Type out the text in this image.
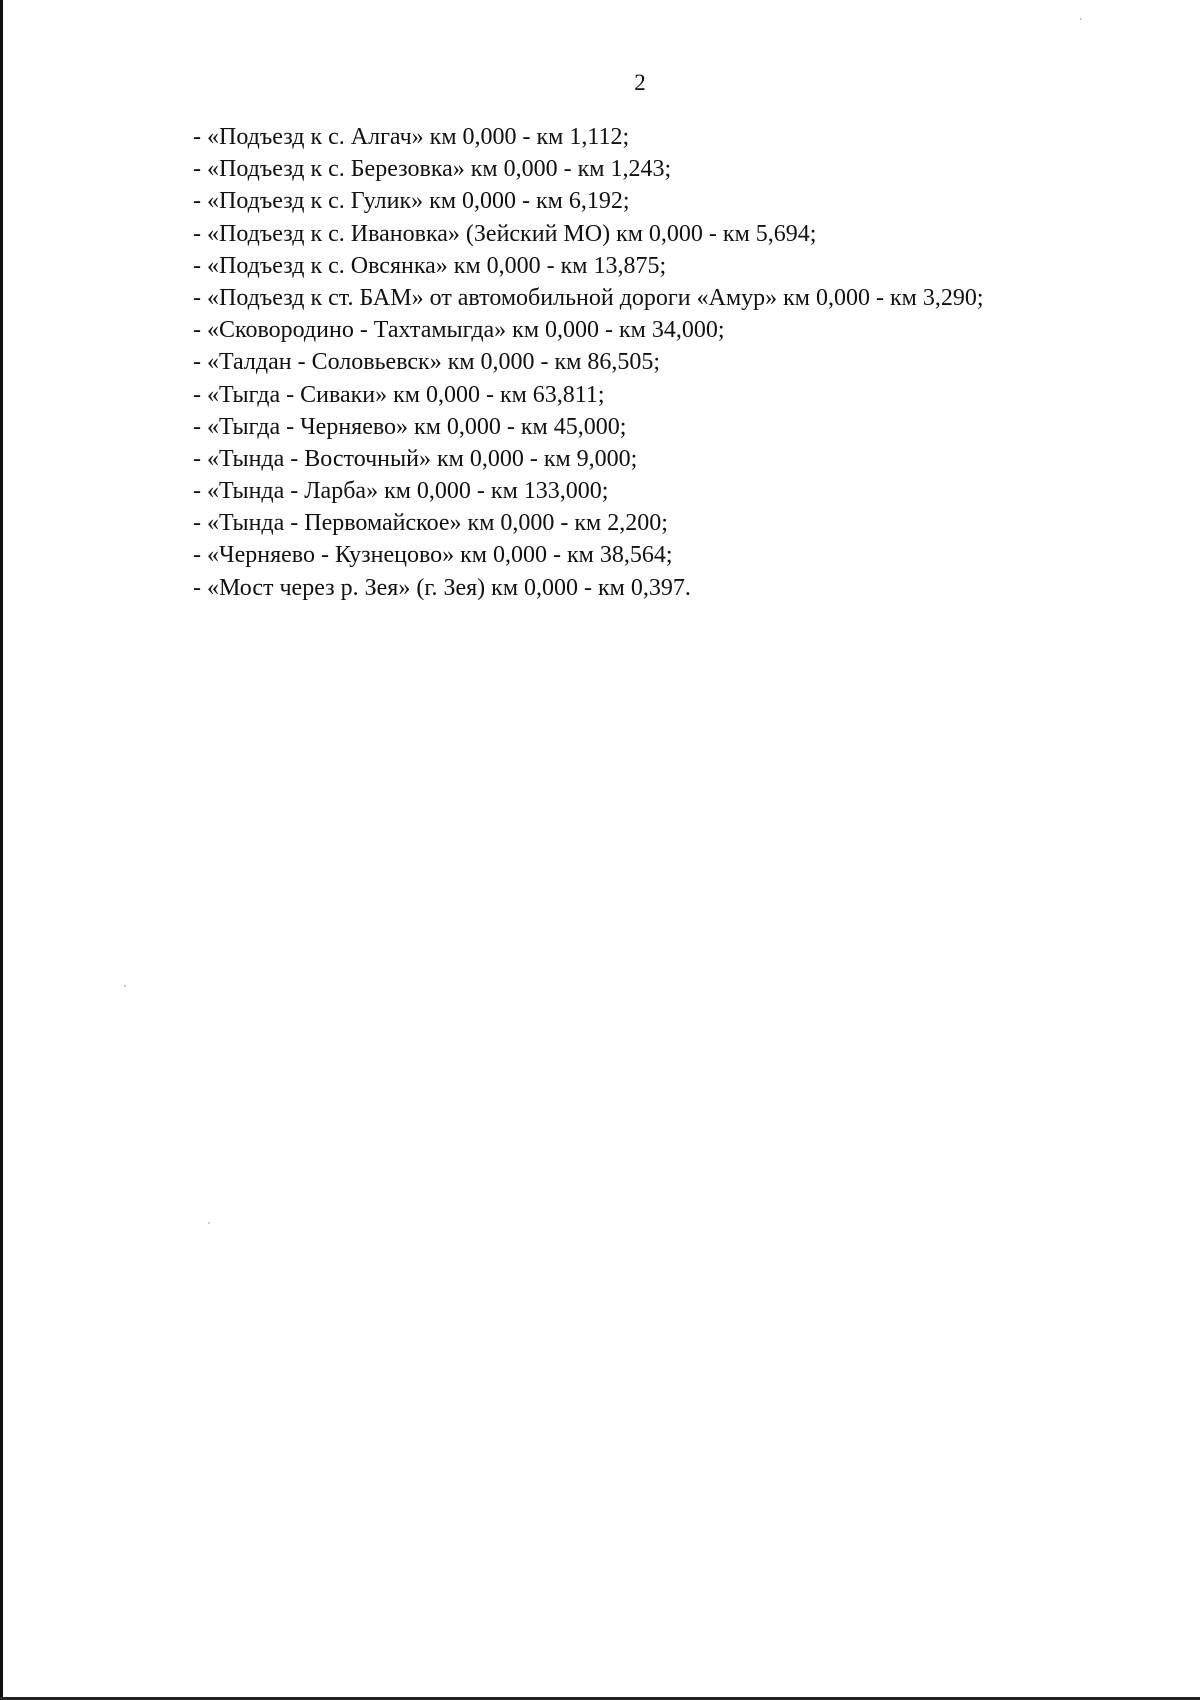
2
- «Подъезд к с. Алгач» км 0,000 - км 1,112;
- «Подъезд к с. Березовка» км 0,000 - км 1,243;
- «Подъезд к с. Гулик» км 0,000 - км 6,192;
- «Подъезд к с. Ивановка» (Зейский МО) км 0,000 - км 5,694;
- «Подъезд к с. Овсянка» км 0,000 - км 13,875;
- «Подъезд к ст. БАМ» от автомобильной дороги «Амур» км 0,000 - км 3,290;
- «Сковородино - Тахтамыгда» км 0,000 - км 34,000;
- «Талдан - Соловьевск» км 0,000 - км 86,505;
- «Тыгда - Сиваки» км 0,000 - км 63,811;
- «Тыгда - Черняево» км 0,000 - км 45,000;
- «Тында - Восточный» км 0,000 - км 9,000;
- «Тында - Ларба» км 0,000 - км 133,000;
- «Тында - Первомайское» км 0,000 - км 2,200;
- «Черняево - Кузнецово» км 0,000 - км 38,564;
- «Мост через р. Зея» (г. Зея) км 0,000 - км 0,397.
